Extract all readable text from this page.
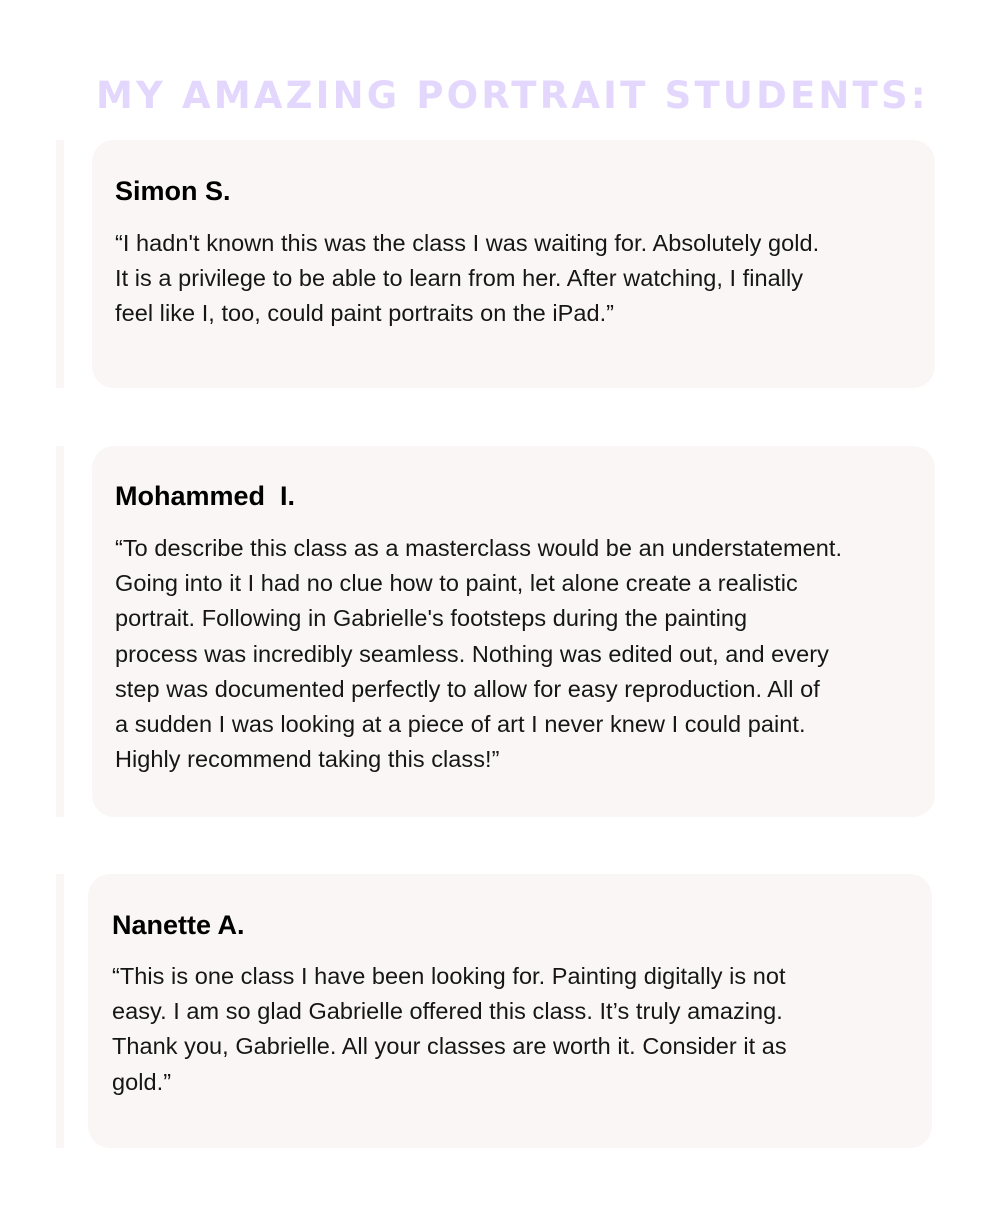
MY AMAZING PORTRAIT STUDENTS:
Simon S.

“I hadn't known this was the class I was waiting for. Absolutely gold.
It is a privilege to be able to learn from her. After watching, I finally
feel like I, too, could paint portraits on the iPad.”

Mohammed  I.

“To describe this class as a masterclass would be an understatement.
Going into it I had no clue how to paint, let alone create a realistic
portrait. Following in Gabrielle's footsteps during the painting
process was incredibly seamless. Nothing was edited out, and every
step was documented perfectly to allow for easy reproduction. All of
a sudden I was looking at a piece of art I never knew I could paint.
Highly recommend taking this class!”

Nanette A.

“This is one class I have been looking for. Painting digitally is not
easy. I am so glad Gabrielle offered this class. It’s truly amazing.
Thank you, Gabrielle. All your classes are worth it. Consider it as
gold.”
